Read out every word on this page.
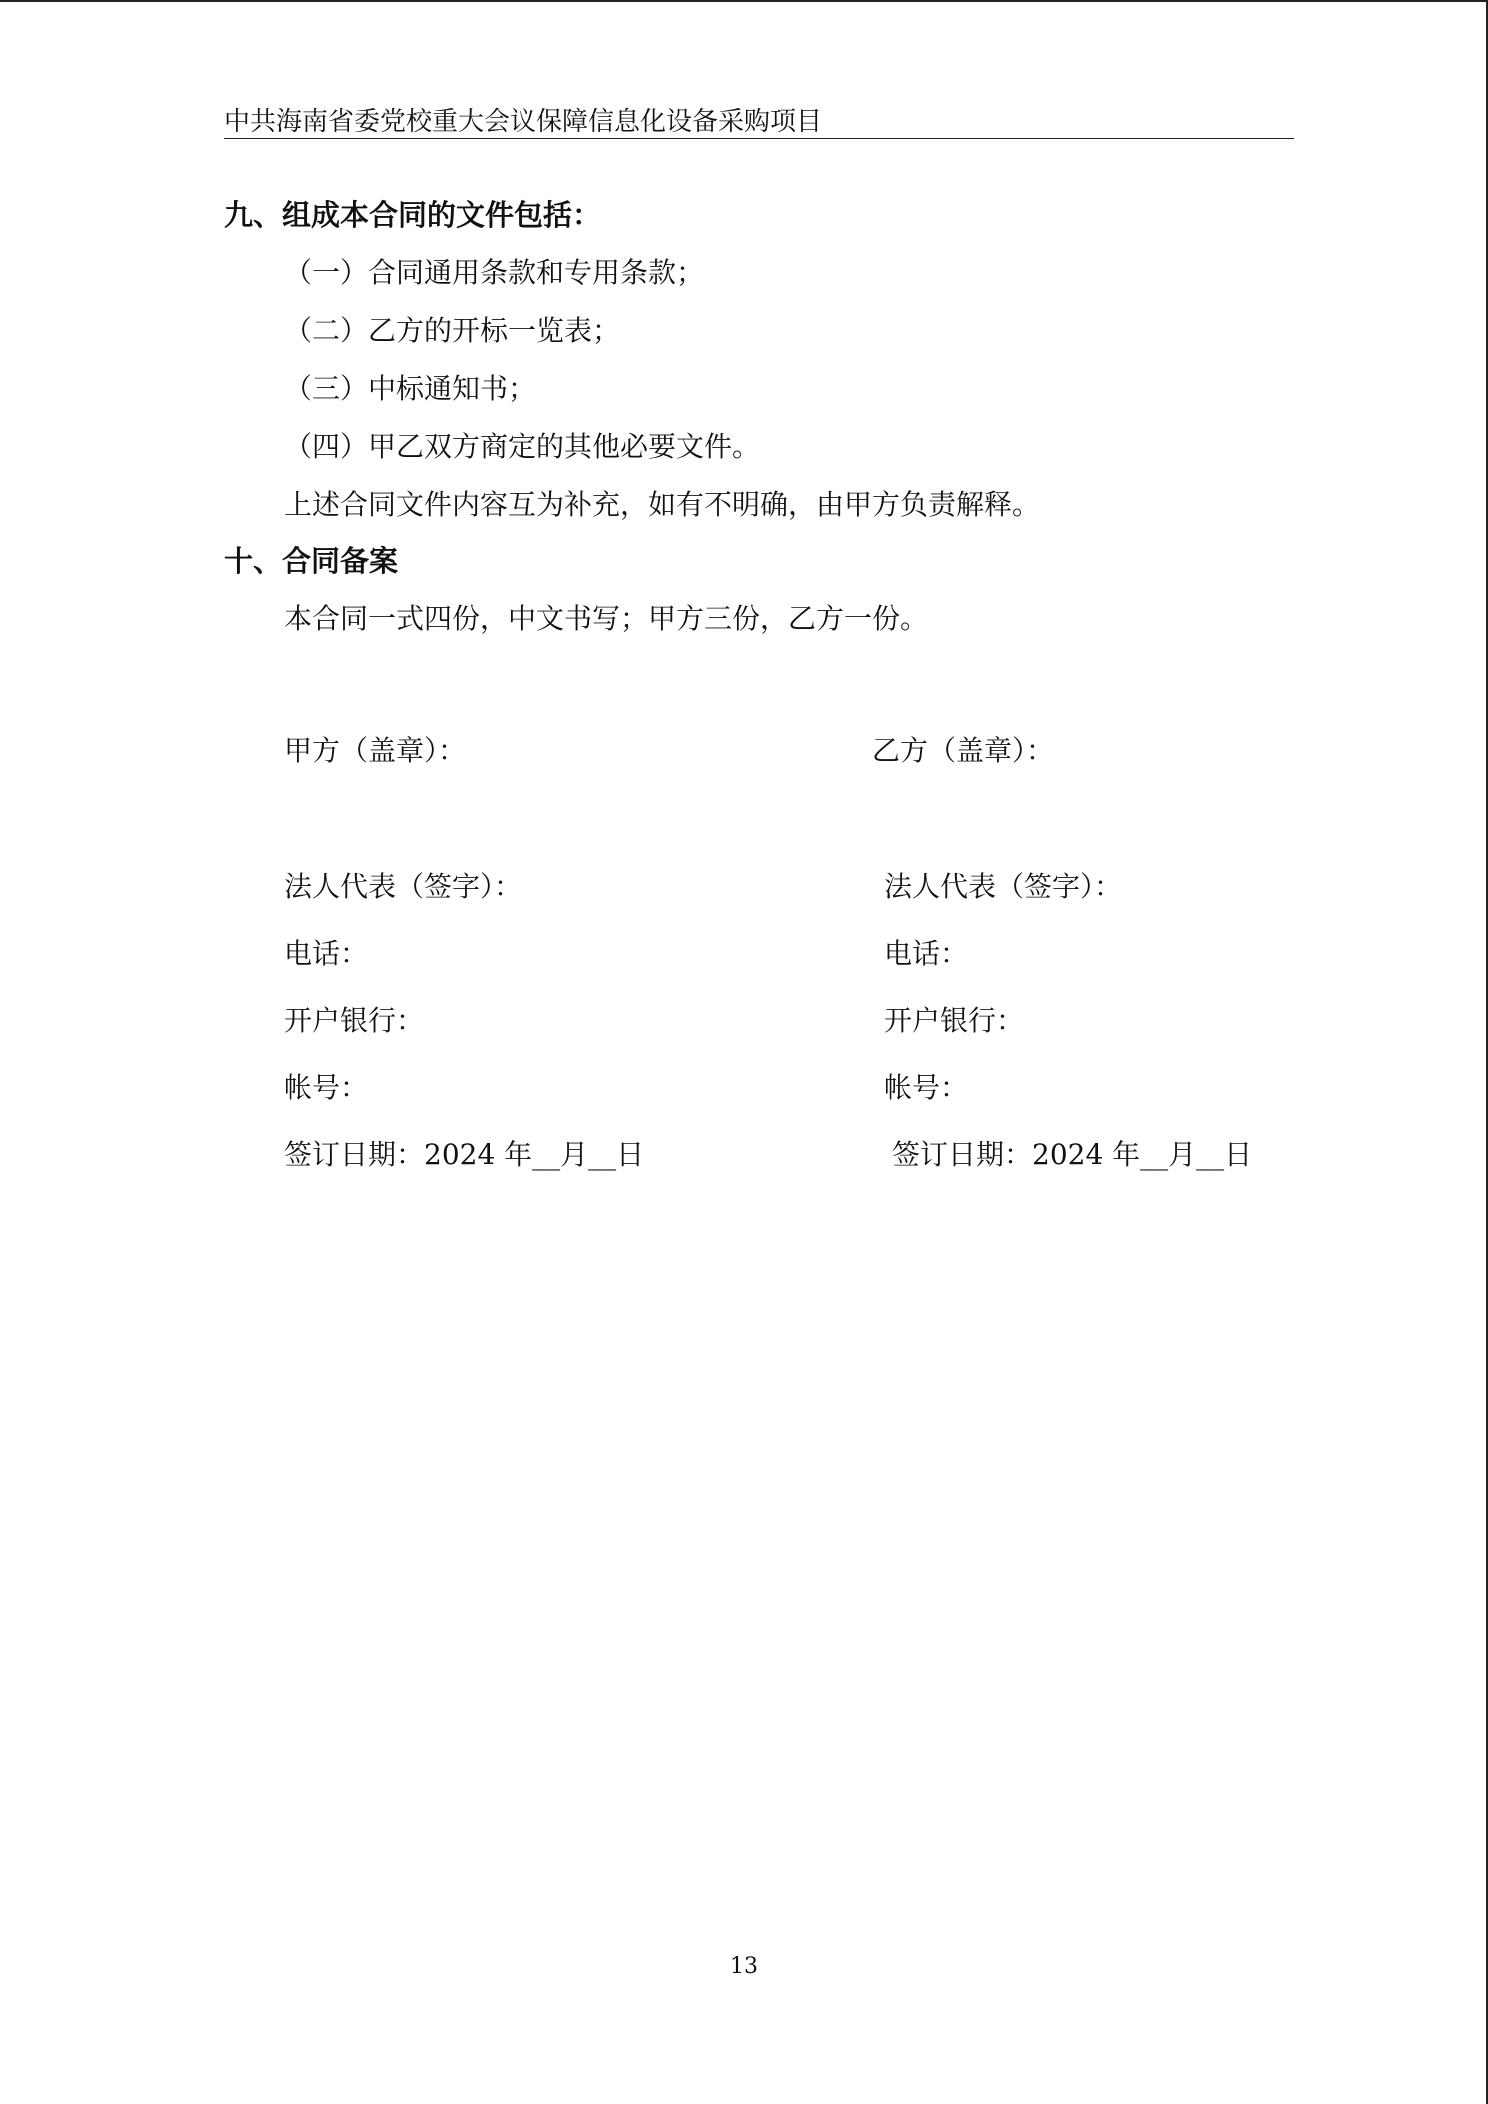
中共海南省委党校重大会议保障信息化设备采购项目
九、组成本合同的文件包括：
（一）合同通用条款和专用条款；
（二）乙方的开标一览表；
（三）中标通知书；
（四）甲乙双方商定的其他必要文件。
上述合同文件内容互为补充，如有不明确，由甲方负责解释。
十、合同备案
本合同一式四份，中文书写；甲方三份，乙方一份。
甲方（盖章）：
法人代表（签字）：
电话：
开户银行：
帐号：
签订日期：2024 年__月__日
乙方（盖章）：
法人代表（签字）：
电话：
开户银行：
帐号：
签订日期：2024 年__月__日
13
